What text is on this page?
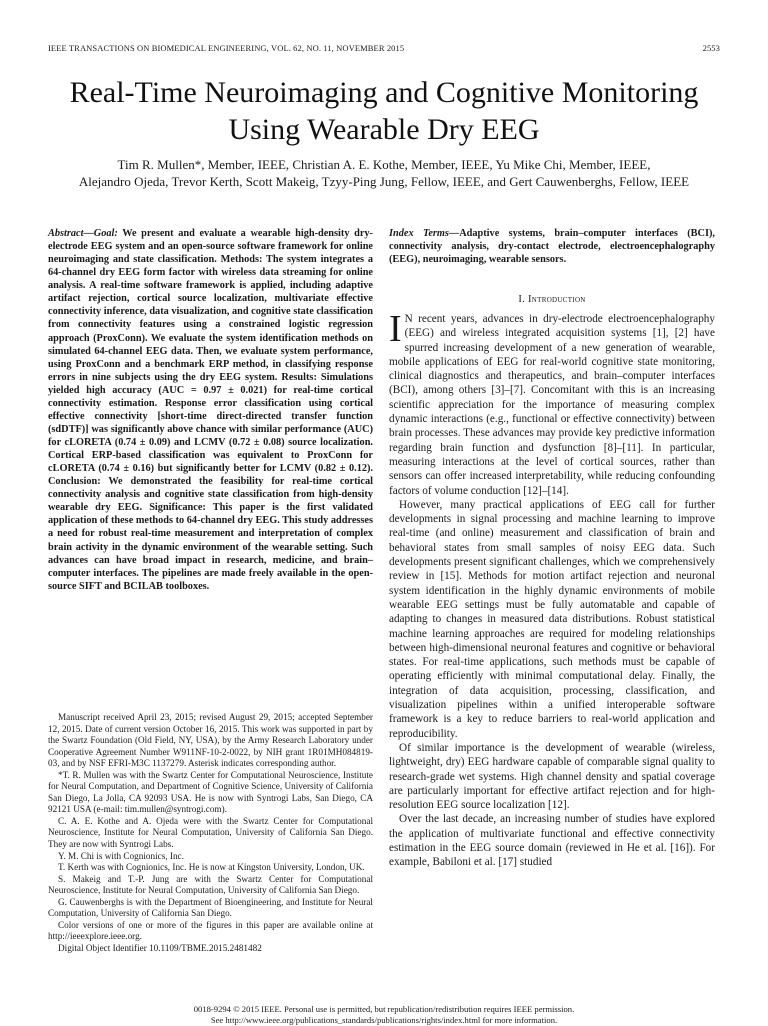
IEEE TRANSACTIONS ON BIOMEDICAL ENGINEERING, VOL. 62, NO. 11, NOVEMBER 2015	2553
Real-Time Neuroimaging and Cognitive Monitoring
Using Wearable Dry EEG
Tim R. Mullen*, Member, IEEE, Christian A. E. Kothe, Member, IEEE, Yu Mike Chi, Member, IEEE,
Alejandro Ojeda, Trevor Kerth, Scott Makeig, Tzyy-Ping Jung, Fellow, IEEE, and Gert Cauwenberghs, Fellow, IEEE
Abstract—Goal: We present and evaluate a wearable high-density dry-electrode EEG system and an open-source software framework for online neuroimaging and state classification. Methods: The system integrates a 64-channel dry EEG form factor with wireless data streaming for online analysis. A real-time software framework is applied, including adaptive artifact rejection, cortical source localization, multivariate effective connectivity inference, data visualization, and cognitive state classification from connectivity features using a constrained logistic regression approach (ProxConn). We evaluate the system identification methods on simulated 64-channel EEG data. Then, we evaluate system performance, using ProxConn and a benchmark ERP method, in classifying response errors in nine subjects using the dry EEG system. Results: Simulations yielded high accuracy (AUC = 0.97 ± 0.021) for real-time cortical connectivity estimation. Response error classification using cortical effective connectivity [short-time direct-directed transfer function (sdDTF)] was significantly above chance with similar performance (AUC) for cLORETA (0.74 ± 0.09) and LCMV (0.72 ± 0.08) source localization. Cortical ERP-based classification was equivalent to ProxConn for cLORETA (0.74 ± 0.16) but significantly better for LCMV (0.82 ± 0.12). Conclusion: We demonstrated the feasibility for real-time cortical connectivity analysis and cognitive state classification from high-density wearable dry EEG. Significance: This paper is the first validated application of these methods to 64-channel dry EEG. This study addresses a need for robust real-time measurement and interpretation of complex brain activity in the dynamic environment of the wearable setting. Such advances can have broad impact in research, medicine, and brain–computer interfaces. The pipelines are made freely available in the open-source SIFT and BCILAB toolboxes.
Index Terms—Adaptive systems, brain–computer interfaces (BCI), connectivity analysis, dry-contact electrode, electroencephalography (EEG), neuroimaging, wearable sensors.
I. Introduction

I N recent years, advances in dry-electrode electroencephalography (EEG) and wireless integrated acquisition systems [1], [2] have spurred increasing development of a new generation of wearable, mobile applications of EEG for real-world cognitive state monitoring, clinical diagnostics and therapeutics, and brain–computer interfaces (BCI), among others [3]–[7]. Concomitant with this is an increasing scientific appreciation for the importance of measuring complex dynamic interactions (e.g., functional or effective connectivity) between brain processes. These advances may provide key predictive information regarding brain function and dysfunction [8]–[11]. In particular, measuring interactions at the level of cortical sources, rather than sensors can offer increased interpretability, while reducing confounding factors of volume conduction [12]–[14].

However, many practical applications of EEG call for further developments in signal processing and machine learning to improve real-time (and online) measurement and classification of brain and behavioral states from small samples of noisy EEG data. Such developments present significant challenges, which we comprehensively review in [15]. Methods for motion artifact rejection and neuronal system identification in the highly dynamic environments of mobile wearable EEG settings must be fully automatable and capable of adapting to changes in measured data distributions. Robust statistical machine learning approaches are required for modeling relationships between high-dimensional neuronal features and cognitive or behavioral states. For real-time applications, such methods must be capable of operating efficiently with minimal computational delay. Finally, the integration of data acquisition, processing, classification, and visualization pipelines within a unified interoperable software framework is a key to reduce barriers to real-world application and reproducibility.

Of similar importance is the development of wearable (wireless, lightweight, dry) EEG hardware capable of comparable signal quality to research-grade wet systems. High channel density and spatial coverage are particularly important for effective artifact rejection and for high-resolution EEG source localization [12].

Over the last decade, an increasing number of studies have explored the application of multivariate functional and effective connectivity estimation in the EEG source domain (reviewed in He et al. [16]). For example, Babiloni et al. [17] studied

Manuscript received April 23, 2015; revised August 29, 2015; accepted September 12, 2015. Date of current version October 16, 2015. This work was supported in part by the Swartz Foundation (Old Field, NY, USA), by the Army Research Laboratory under Cooperative Agreement Number W911NF-10-2-0022, by NIH grant 1R01MH084819-03, and by NSF EFRI-M3C 1137279. Asterisk indicates corresponding author.

*T. R. Mullen was with the Swartz Center for Computational Neuroscience, Institute for Neural Computation, and Department of Cognitive Science, University of California San Diego, La Jolla, CA 92093 USA. He is now with Syntrogi Labs, San Diego, CA 92121 USA (e-mail: tim.mullen@syntrogi.com).

C. A. E. Kothe and A. Ojeda were with the Swartz Center for Computational Neuroscience, Institute for Neural Computation, University of California San Diego. They are now with Syntrogi Labs.

Y. M. Chi is with Cognionics, Inc.

T. Kerth was with Cognionics, Inc. He is now at Kingston University, London, UK.

S. Makeig and T.-P. Jung are with the Swartz Center for Computational Neuroscience, Institute for Neural Computation, University of California San Diego.

G. Cauwenberghs is with the Department of Bioengineering, and Institute for Neural Computation, University of California San Diego.

Color versions of one or more of the figures in this paper are available online at http://ieeexplore.ieee.org.

Digital Object Identifier 10.1109/TBME.2015.2481482

0018-9294 © 2015 IEEE. Personal use is permitted, but republication/redistribution requires IEEE permission.
See http://www.ieee.org/publications_standards/publications/rights/index.html for more information.
